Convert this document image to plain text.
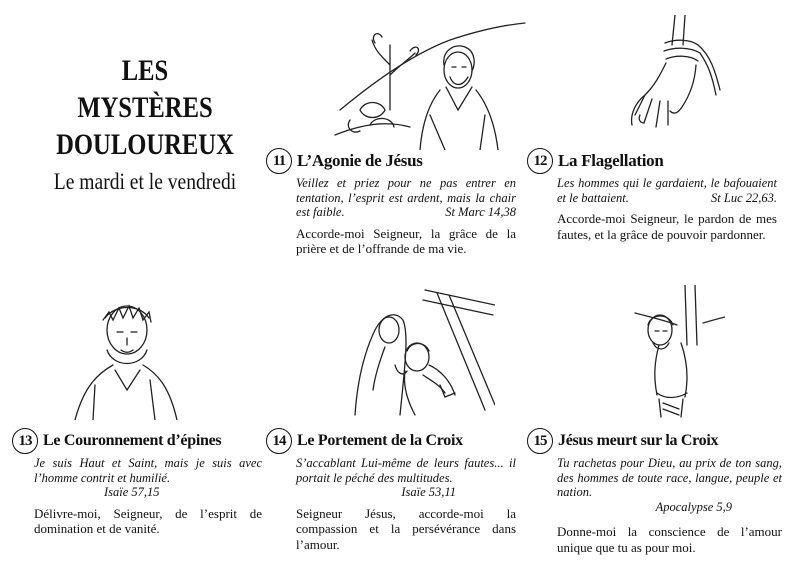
LES
MYSTÈRES
DOULOUREUX
Le mardi et le vendredi
11 L’Agonie de Jésus
Veillez et priez pour ne pas entrer en tentation, l’esprit est ardent, mais la chair est faible.	St Marc 14,38
Accorde-moi Seigneur, la grâce de la prière et de l’offrande de ma vie.
12 La Flagellation
Les hommes qui le gardaient, le bafouaient et le battaient.	St Luc 22,63.
Accorde-moi Seigneur, le pardon de mes fautes, et la grâce de pouvoir pardonner.
13 Le Couronnement d’épines
Je suis Haut et Saint, mais je suis avec l’homme contrit et humilié.
Isaïe 57,15
Délivre-moi, Seigneur, de l’esprit de domination et de vanité.
14 Le Portement de la Croix
S’accablant Lui-même de leurs fautes... il portait le péché des multitudes.
Isaïe 53,11
Seigneur Jésus, accorde-moi la compassion et la persévérance dans l’amour.
15 Jésus meurt sur la Croix
Tu rachetas pour Dieu, au prix de ton sang, des hommes de toute race, langue, peuple et nation.
Apocalypse 5,9
Donne-moi la conscience de l’amour unique que tu as pour moi.
